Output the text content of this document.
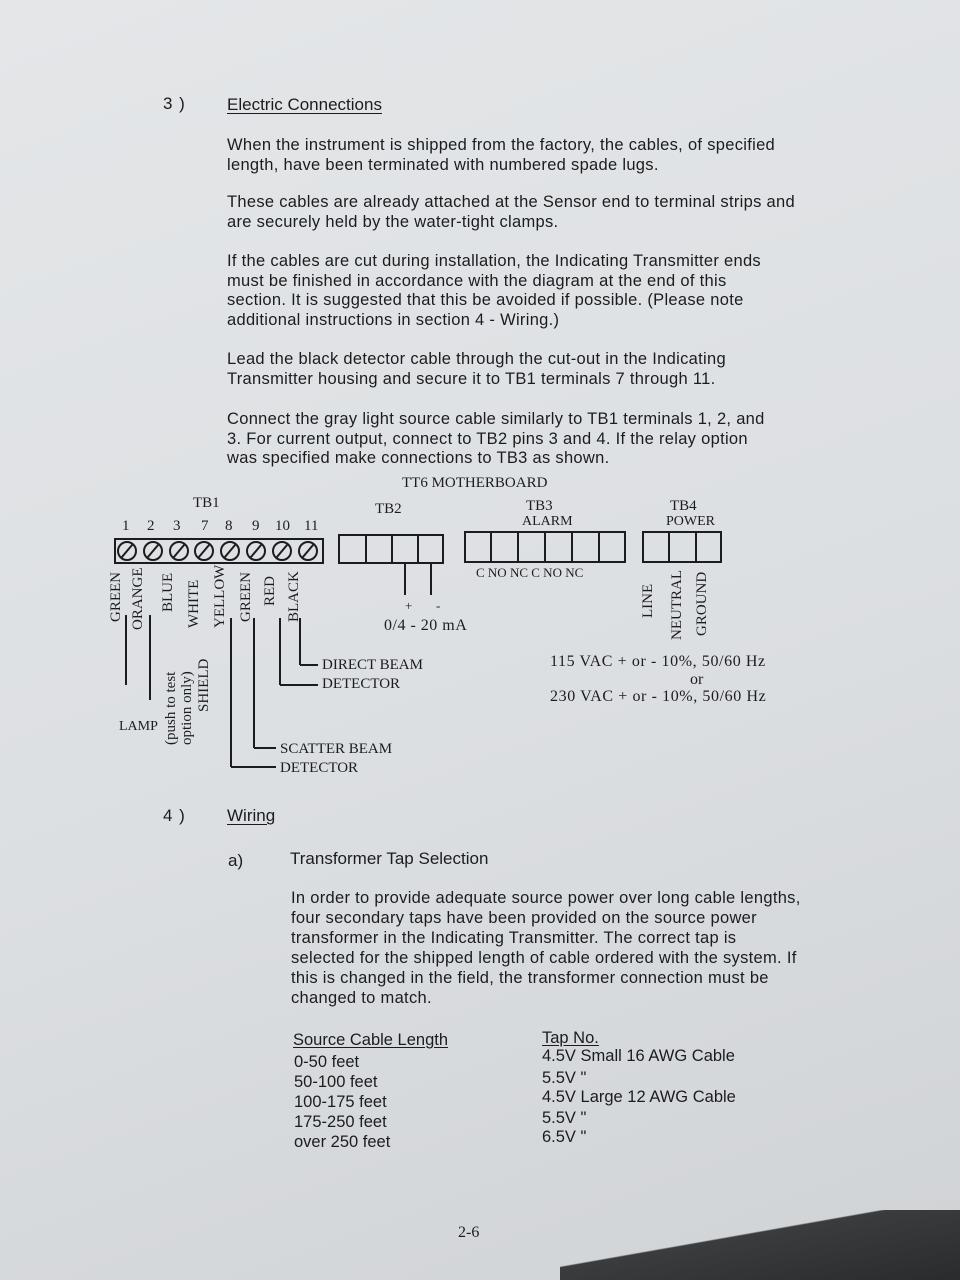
3 ) Electric Connections
When the instrument is shipped from the factory, the cables, of specified
length, have been terminated with numbered spade lugs.
These cables are already attached at the Sensor end to terminal strips and
are securely held by the water-tight clamps.
If the cables are cut during installation, the Indicating Transmitter ends
must be finished in accordance with the diagram at the end of this
section. It is suggested that this be avoided if possible. (Please note
additional instructions in section 4 - Wiring.)
Lead the black detector cable through the cut-out in the Indicating
Transmitter housing and secure it to TB1 terminals 7 through 11.
Connect the gray light source cable similarly to TB1 terminals 1, 2, and
3. For current output, connect to TB2 pins 3 and 4. If the relay option
was specified make connections to TB3 as shown.
TT6 MOTHERBOARD
TB1
1 2 3 7 8 9 10 11
GREEN ORANGE BLUE WHITE
SHIELD
YELLOW GREEN RED BLACK
(push to test option only)
LAMP
TB2
+ -
0/4 - 20 mA
TB3
ALARM
C NO NC C NO NC
TB4
POWER
LINE NEUTRAL GROUND
115 VAC + or - 10%, 50/60 Hz
or
230 VAC + or - 10%, 50/60 Hz
DIRECT BEAM
DETECTOR
SCATTER BEAM
DETECTOR
4 ) Wiring
a)	Transformer Tap Selection
In order to provide adequate source power over long cable lengths,
four secondary taps have been provided on the source power
transformer in the Indicating Transmitter. The correct tap is
selected for the shipped length of cable ordered with the system. If
this is changed in the field, the transformer connection must be
changed to match.
Source Cable Length	Tap No.
0-50 feet	4.5V Small 16 AWG Cable
50-100 feet	5.5V "
100-175 feet	4.5V Large 12 AWG Cable
175-250 feet	5.5V "
over 250 feet	6.5V "
2-6
